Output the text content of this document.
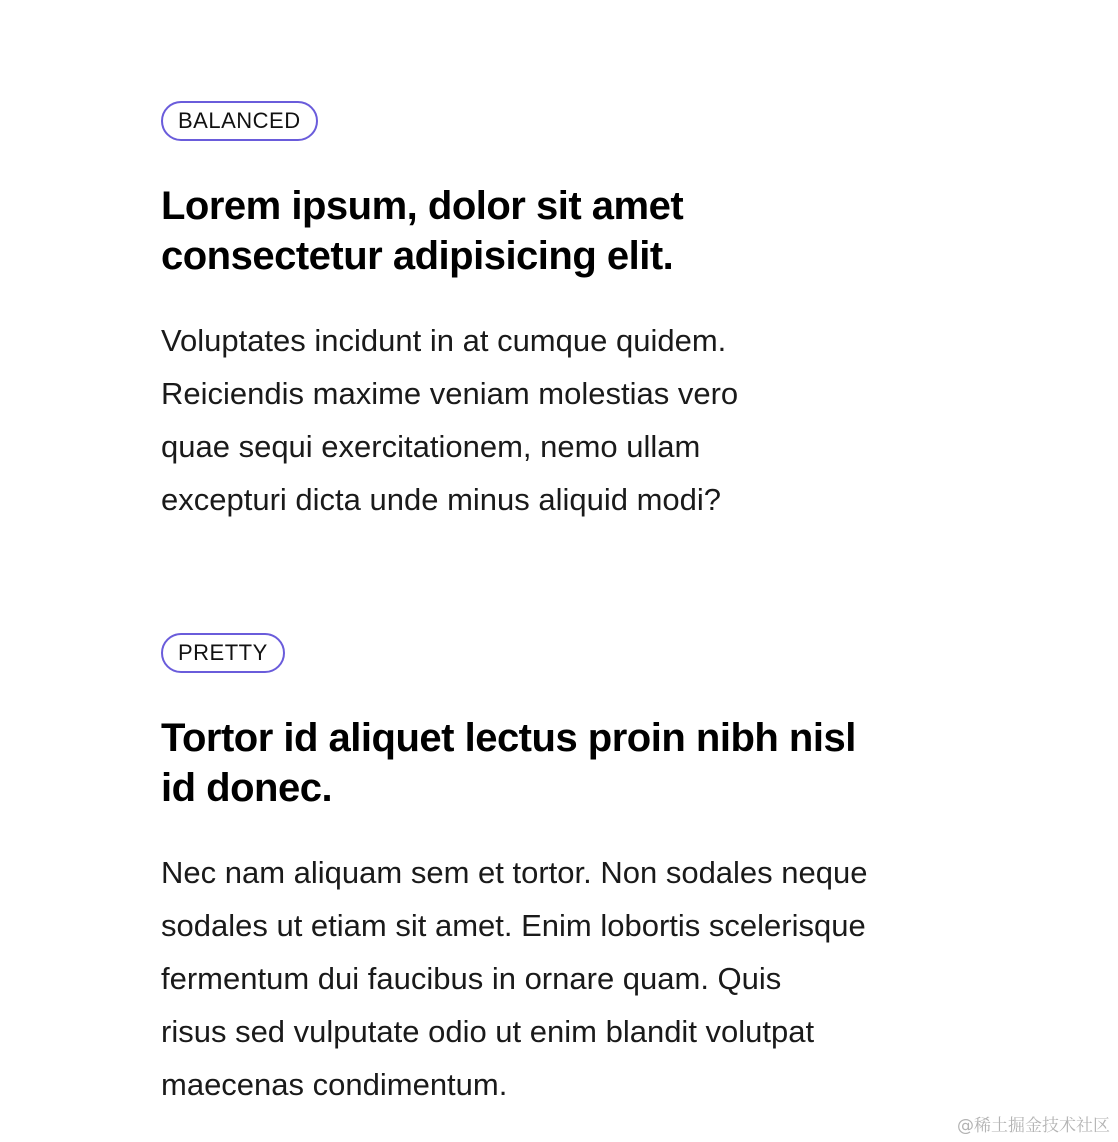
BALANCED
Lorem ipsum, dolor sit amet
consectetur adipisicing elit.

Voluptates incidunt in at cumque quidem.
Reiciendis maxime veniam molestias vero
quae sequi exercitationem, nemo ullam
excepturi dicta unde minus aliquid modi?

PRETTY
Tortor id aliquet lectus proin nibh nisl
id donec.

Nec nam aliquam sem et tortor. Non sodales neque
sodales ut etiam sit amet. Enim lobortis scelerisque
fermentum dui faucibus in ornare quam. Quis
risus sed vulputate odio ut enim blandit volutpat
maecenas condimentum.

@稀土掘金技术社区
